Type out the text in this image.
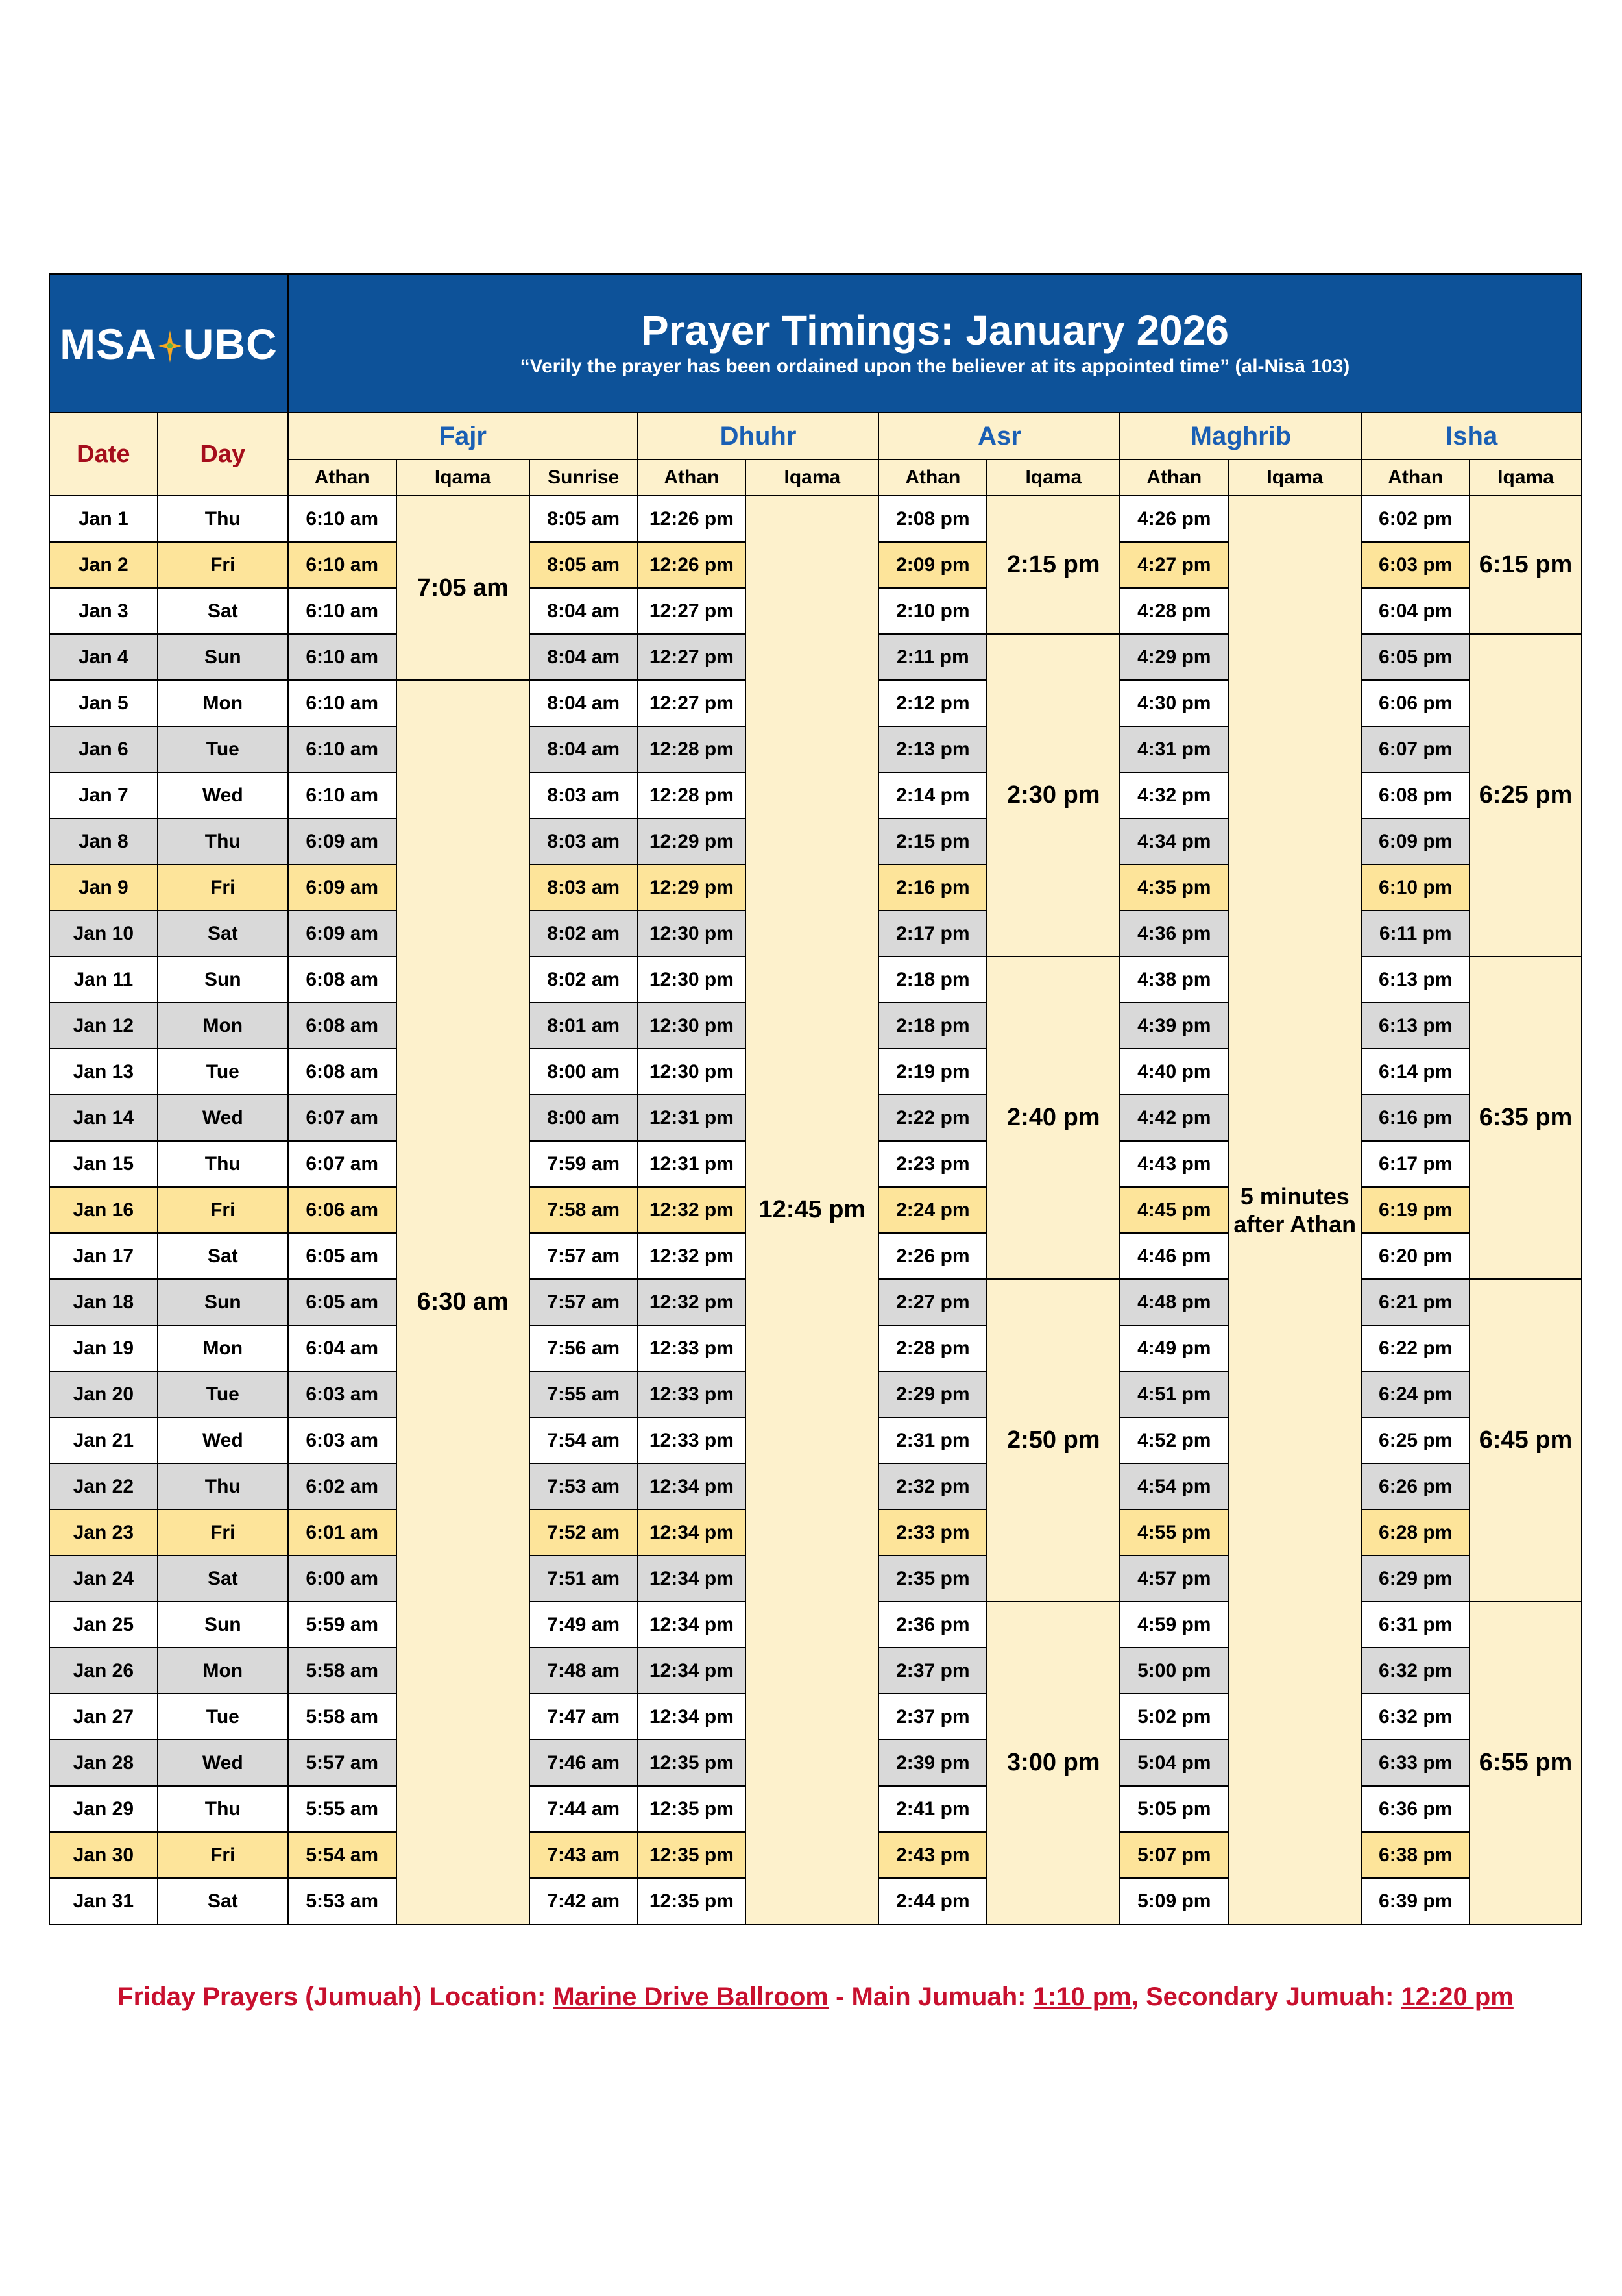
MSA UBC		Prayer Timings: January 2026
“Verily the prayer has been ordained upon the believer at its appointed time” (al-Nisā 103)										

Date	Day	Fajr			Dhuhr		Asr		Maghrib		Isha	
		Athan	Iqama	Sunrise	Athan	Iqama	Athan	Iqama	Athan	Iqama	Athan	Iqama
Jan 1	Thu	6:10 am	7:05 am	8:05 am	12:26 pm	12:45 pm	2:08 pm	2:15 pm	4:26 pm	5 minutes after Athan	6:02 pm	6:15 pm
Jan 2	Fri	6:10 am		8:05 am	12:26 pm		2:09 pm		4:27 pm		6:03 pm	
Jan 3	Sat	6:10 am		8:04 am	12:27 pm		2:10 pm		4:28 pm		6:04 pm	
Jan 4	Sun	6:10 am		8:04 am	12:27 pm		2:11 pm	2:30 pm	4:29 pm		6:05 pm	6:25 pm
Jan 5	Mon	6:10 am	6:30 am	8:04 am	12:27 pm		2:12 pm		4:30 pm		6:06 pm	
Jan 6	Tue	6:10 am		8:04 am	12:28 pm		2:13 pm		4:31 pm		6:07 pm	
Jan 7	Wed	6:10 am		8:03 am	12:28 pm		2:14 pm		4:32 pm		6:08 pm	
Jan 8	Thu	6:09 am		8:03 am	12:29 pm		2:15 pm		4:34 pm		6:09 pm	
Jan 9	Fri	6:09 am		8:03 am	12:29 pm		2:16 pm		4:35 pm		6:10 pm	
Jan 10	Sat	6:09 am		8:02 am	12:30 pm		2:17 pm		4:36 pm		6:11 pm	
Jan 11	Sun	6:08 am		8:02 am	12:30 pm		2:18 pm	2:40 pm	4:38 pm		6:13 pm	6:35 pm
Jan 12	Mon	6:08 am		8:01 am	12:30 pm		2:18 pm		4:39 pm		6:13 pm	
Jan 13	Tue	6:08 am		8:00 am	12:30 pm		2:19 pm		4:40 pm		6:14 pm	
Jan 14	Wed	6:07 am		8:00 am	12:31 pm		2:22 pm		4:42 pm		6:16 pm	
Jan 15	Thu	6:07 am		7:59 am	12:31 pm		2:23 pm		4:43 pm		6:17 pm	
Jan 16	Fri	6:06 am		7:58 am	12:32 pm		2:24 pm		4:45 pm		6:19 pm	
Jan 17	Sat	6:05 am		7:57 am	12:32 pm		2:26 pm		4:46 pm		6:20 pm	
Jan 18	Sun	6:05 am		7:57 am	12:32 pm		2:27 pm	2:50 pm	4:48 pm		6:21 pm	6:45 pm
Jan 19	Mon	6:04 am		7:56 am	12:33 pm		2:28 pm		4:49 pm		6:22 pm	
Jan 20	Tue	6:03 am		7:55 am	12:33 pm		2:29 pm		4:51 pm		6:24 pm	
Jan 21	Wed	6:03 am		7:54 am	12:33 pm		2:31 pm		4:52 pm		6:25 pm	
Jan 22	Thu	6:02 am		7:53 am	12:34 pm		2:32 pm		4:54 pm		6:26 pm	
Jan 23	Fri	6:01 am		7:52 am	12:34 pm		2:33 pm		4:55 pm		6:28 pm	
Jan 24	Sat	6:00 am		7:51 am	12:34 pm		2:35 pm		4:57 pm		6:29 pm	
Jan 25	Sun	5:59 am		7:49 am	12:34 pm		2:36 pm	3:00 pm	4:59 pm		6:31 pm	6:55 pm
Jan 26	Mon	5:58 am		7:48 am	12:34 pm		2:37 pm		5:00 pm		6:32 pm	
Jan 27	Tue	5:58 am		7:47 am	12:34 pm		2:37 pm		5:02 pm		6:32 pm	
Jan 28	Wed	5:57 am		7:46 am	12:35 pm		2:39 pm		5:04 pm		6:33 pm	
Jan 29	Thu	5:55 am		7:44 am	12:35 pm		2:41 pm		5:05 pm		6:36 pm	
Jan 30	Fri	5:54 am		7:43 am	12:35 pm		2:43 pm		5:07 pm		6:38 pm	
Jan 31	Sat	5:53 am		7:42 am	12:35 pm		2:44 pm		5:09 pm		6:39 pm	
Friday Prayers (Jumuah) Location: Marine Drive Ballroom - Main Jumuah: 1:10 pm, Secondary Jumuah: 12:20 pm
